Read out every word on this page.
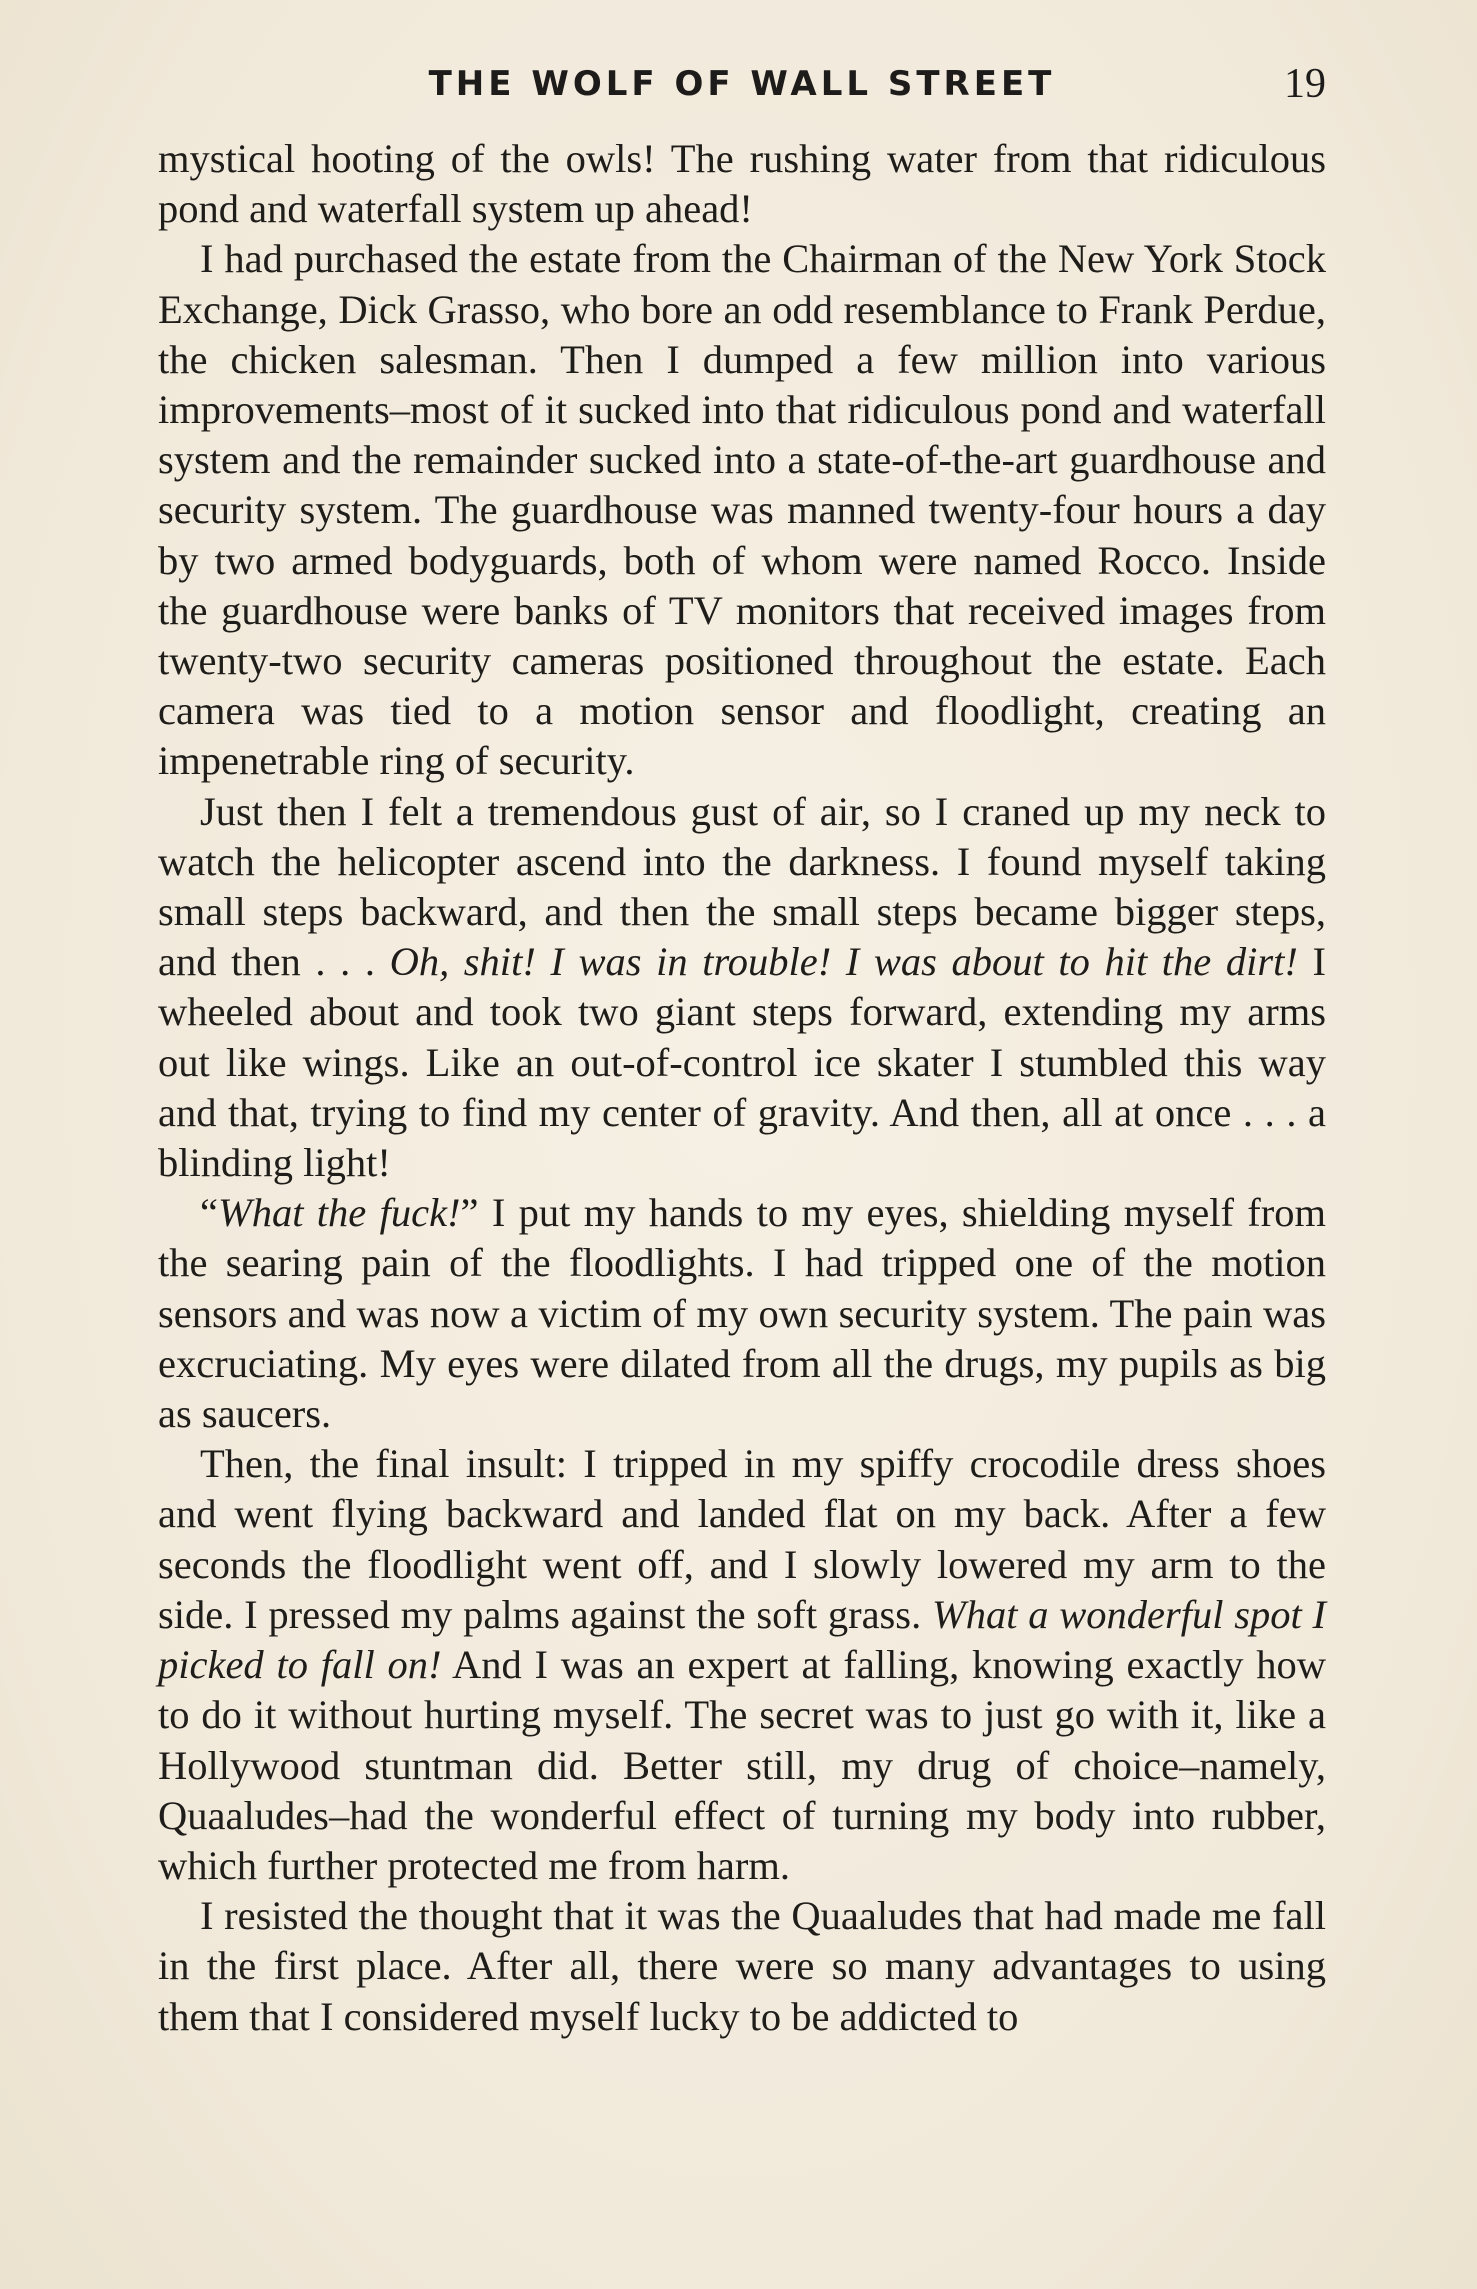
THE WOLF OF WALL STREET	19

mystical hooting of the owls! The rushing water from that ridiculous pond and waterfall system up ahead!

I had purchased the estate from the Chairman of the New York Stock Exchange, Dick Grasso, who bore an odd resemblance to Frank Perdue, the chicken salesman. Then I dumped a few million into various improvements–most of it sucked into that ridiculous pond and waterfall system and the remainder sucked into a state-of-the-art guardhouse and security system. The guardhouse was manned twenty-four hours a day by two armed bodyguards, both of whom were named Rocco. Inside the guardhouse were banks of TV monitors that received images from twenty-two security cameras positioned throughout the estate. Each camera was tied to a motion sensor and floodlight, creating an impenetrable ring of security.

Just then I felt a tremendous gust of air, so I craned up my neck to watch the helicopter ascend into the darkness. I found myself taking small steps backward, and then the small steps became bigger steps, and then . . . Oh, shit! I was in trouble! I was about to hit the dirt! I wheeled about and took two giant steps forward, extending my arms out like wings. Like an out-of-control ice skater I stumbled this way and that, trying to find my center of gravity. And then, all at once . . . a blinding light!

“What the fuck!” I put my hands to my eyes, shielding myself from the searing pain of the floodlights. I had tripped one of the motion sensors and was now a victim of my own security system. The pain was excruciating. My eyes were dilated from all the drugs, my pupils as big as saucers.

Then, the final insult: I tripped in my spiffy crocodile dress shoes and went flying backward and landed flat on my back. After a few seconds the floodlight went off, and I slowly lowered my arm to the side. I pressed my palms against the soft grass. What a wonderful spot I picked to fall on! And I was an expert at falling, knowing exactly how to do it without hurting myself. The secret was to just go with it, like a Hollywood stuntman did. Better still, my drug of choice–namely, Quaaludes–had the wonderful effect of turning my body into rubber, which further protected me from harm.

I resisted the thought that it was the Quaaludes that had made me fall in the first place. After all, there were so many advantages to using them that I considered myself lucky to be addicted to
